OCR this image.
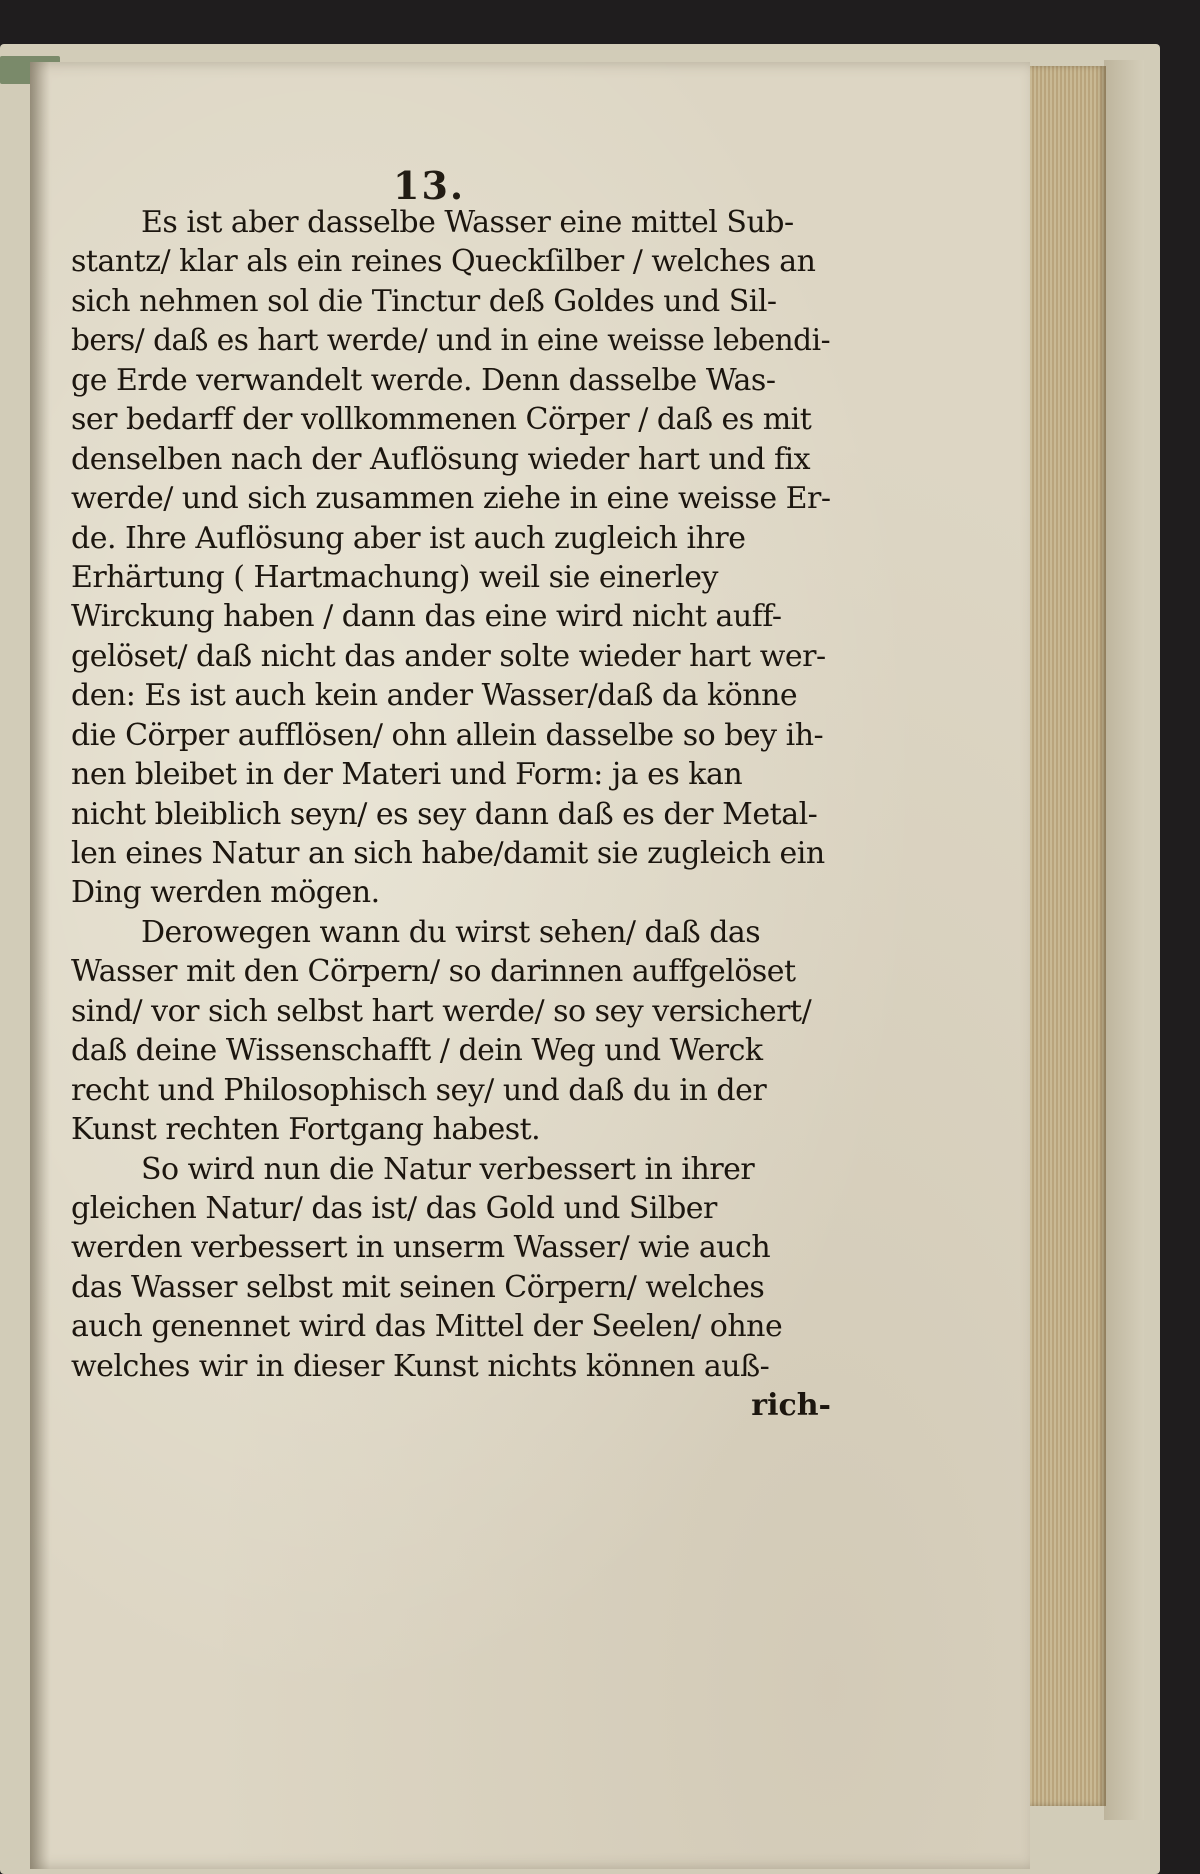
13.
Es ist aber dasselbe Wasser eine mittel Sub-
stantz/ klar als ein reines Queckſilber / welches an
sich nehmen sol die Tinctur deß Goldes und Sil-
bers/ daß es hart werde/ und in eine weisse lebendi-
ge Erde verwandelt werde. Denn dasselbe Was-
ser bedarff der vollkommenen Cörper / daß es mit
denselben nach der Auflösung wieder hart und fix
werde/ und sich zusammen ziehe in eine weisse Er-
de. Ihre Auflösung aber ist auch zugleich ihre
Erhärtung ( Hartmachung) weil sie einerley
Wirckung haben / dann das eine wird nicht auff-
gelöset/ daß nicht das ander solte wieder hart wer-
den: Es ist auch kein ander Wasser/daß da könne
die Cörper aufflösen/ ohn allein dasselbe so bey ih-
nen bleibet in der Materi und Form: ja es kan
nicht bleiblich seyn/ es sey dann daß es der Metal-
len eines Natur an sich habe/damit sie zugleich ein
Ding werden mögen.
Derowegen wann du wirst sehen/ daß das
Wasser mit den Cörpern/ so darinnen auffgelöset
sind/ vor sich selbst hart werde/ so sey versichert/
daß deine Wissenschafft / dein Weg und Werck
recht und Philosophisch sey/ und daß du in der
Kunst rechten Fortgang habest.
So wird nun die Natur verbessert in ihrer
gleichen Natur/ das ist/ das Gold und Silber
werden verbessert in unserm Wasser/ wie auch
das Wasser selbst mit seinen Cörpern/ welches
auch genennet wird das Mittel der Seelen/ ohne
welches wir in dieser Kunst nichts können auß-
rich-
